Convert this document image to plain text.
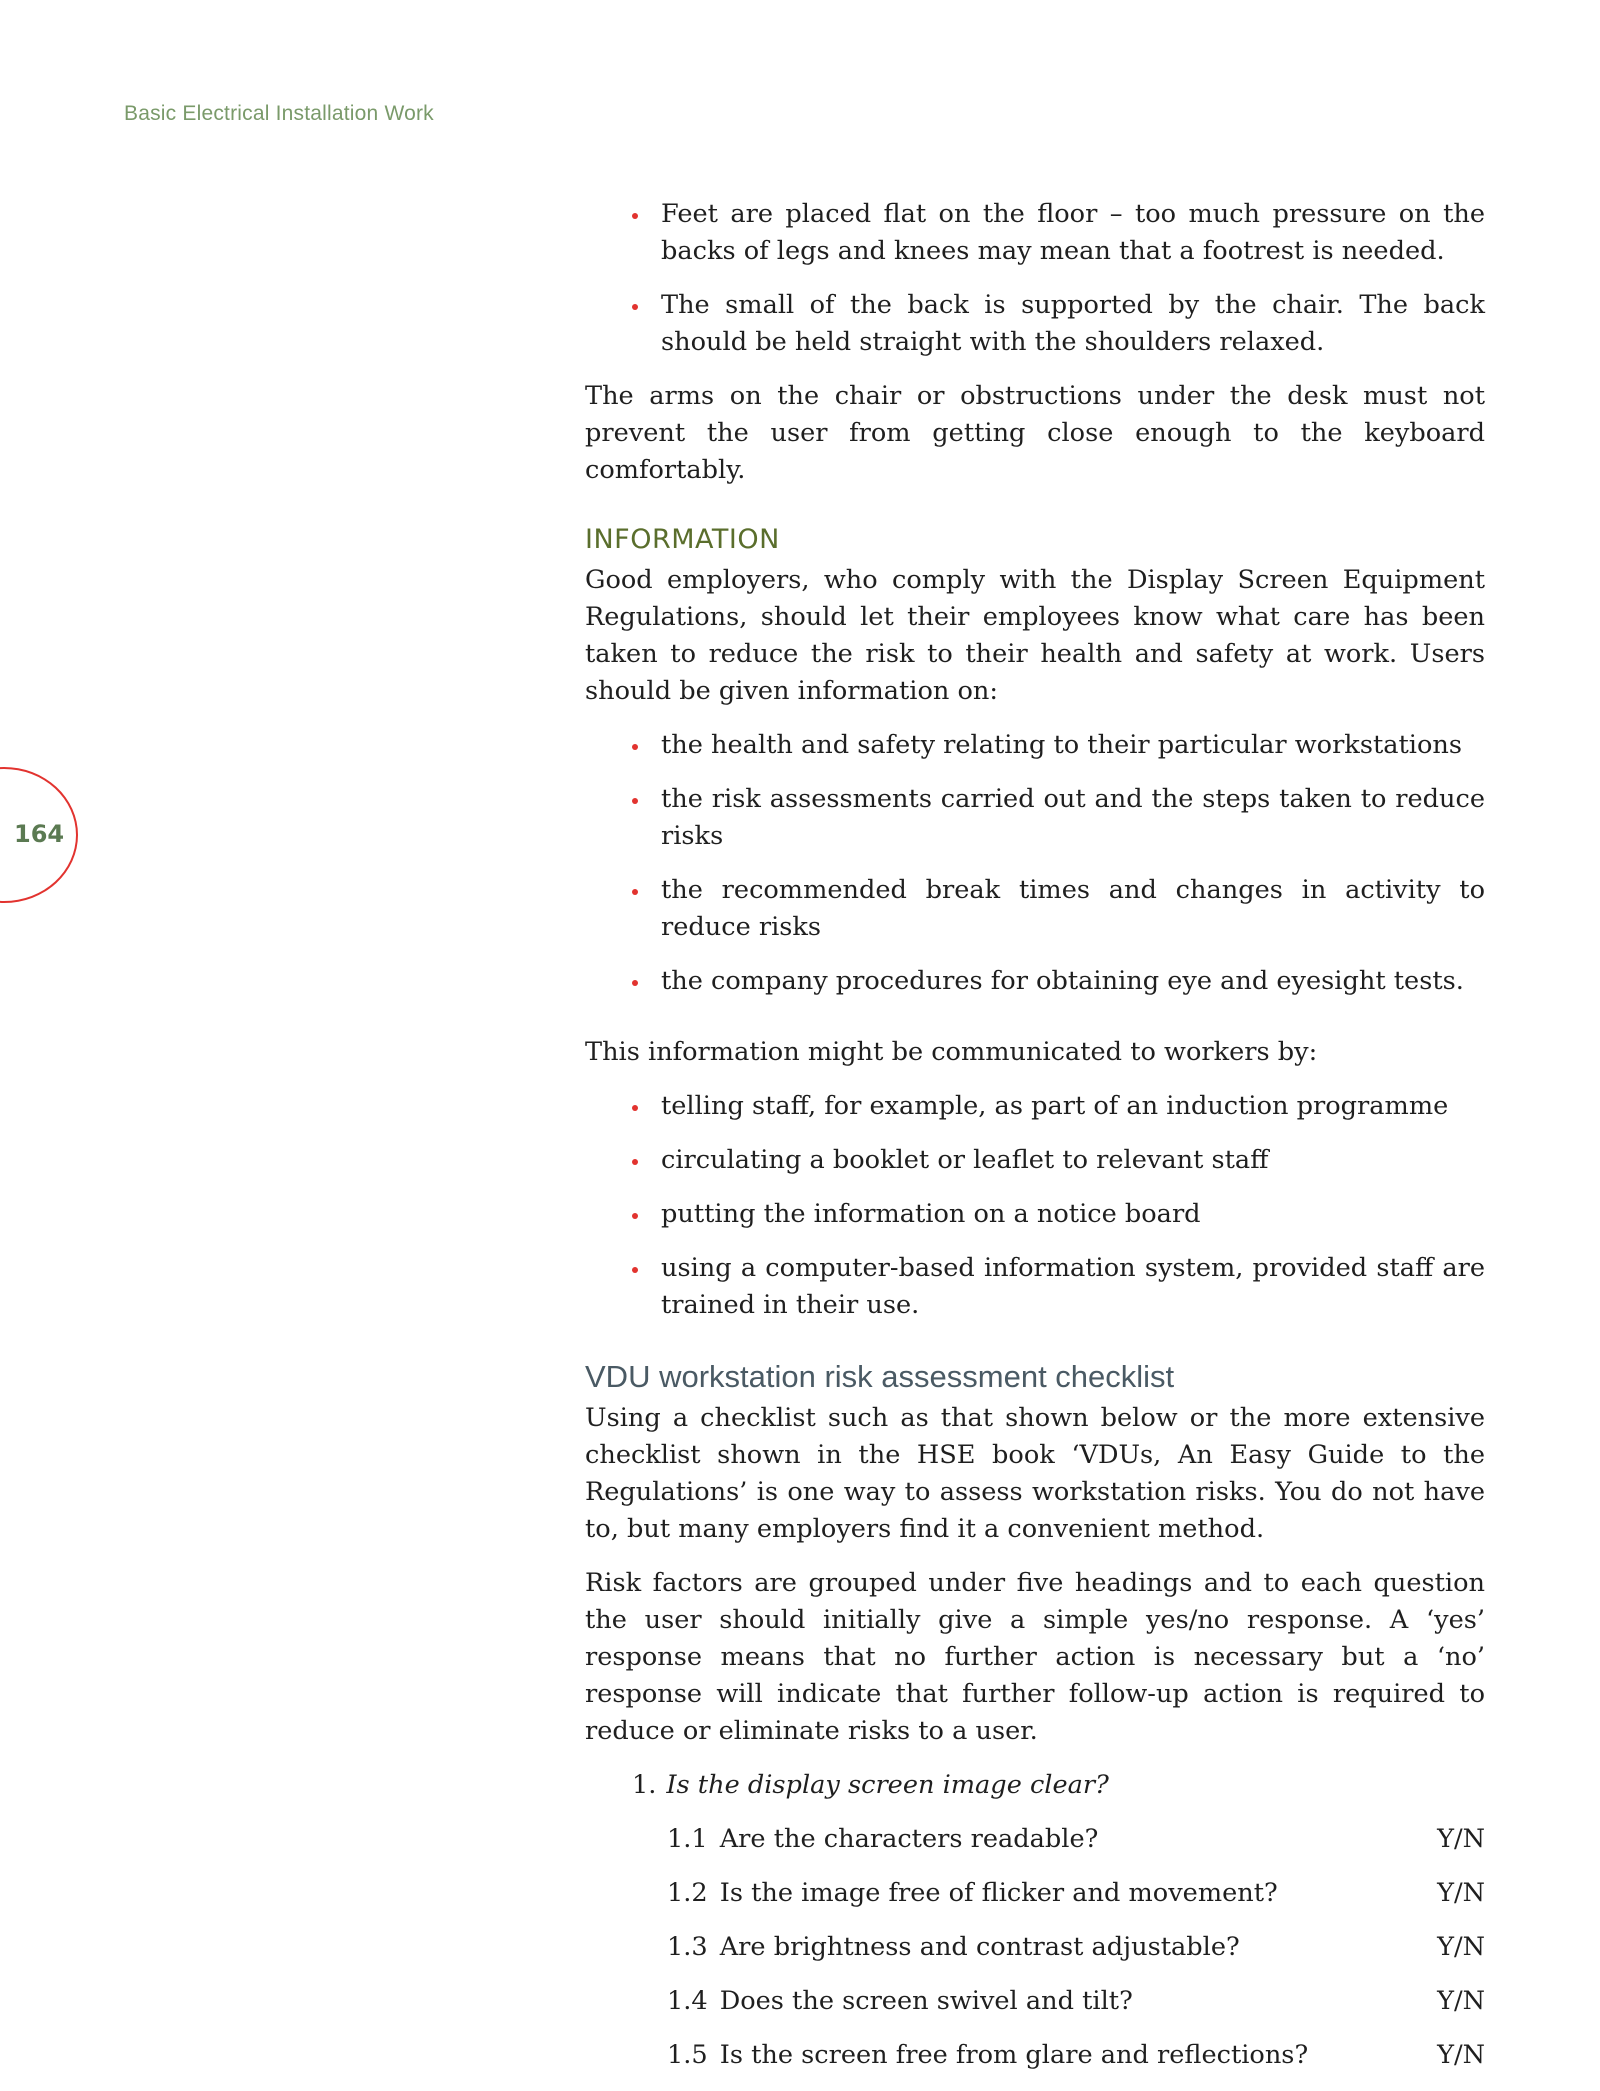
Basic Electrical Installation Work
164
Feet are placed flat on the floor – too much pressure on the backs of legs and knees may mean that a footrest is needed.
The small of the back is supported by the chair. The back should be held straight with the shoulders relaxed.

The arms on the chair or obstructions under the desk must not prevent the user from getting close enough to the keyboard comfortably.

INFORMATION

Good employers, who comply with the Display Screen Equipment Regulations, should let their employees know what care has been taken to reduce the risk to their health and safety at work. Users should be given information on:

the health and safety relating to their particular workstations
the risk assessments carried out and the steps taken to reduce risks
the recommended break times and changes in activity to reduce risks
the company procedures for obtaining eye and eyesight tests.

This information might be communicated to workers by:

telling staff, for example, as part of an induction programme
circulating a booklet or leaflet to relevant staff
putting the information on a notice board
using a computer-based information system, provided staff are trained in their use.
VDU workstation risk assessment checklist

Using a checklist such as that shown below or the more extensive checklist shown in the HSE book ‘VDUs, An Easy Guide to the Regulations’ is one way to assess workstation risks. You do not have to, but many employers find it a convenient method.

Risk factors are grouped under five headings and to each question the user should initially give a simple yes/no response. A ‘yes’ response means that no further action is necessary but a ‘no’ response will indicate that further follow-up action is required to reduce or eliminate risks to a user.

1. Is the display screen image clear?
1.1 Are the characters readable?	Y/N
1.2 Is the image free of flicker and movement?	Y/N
1.3 Are brightness and contrast adjustable?	Y/N
1.4 Does the screen swivel and tilt?	Y/N
1.5 Is the screen free from glare and reflections?	Y/N
